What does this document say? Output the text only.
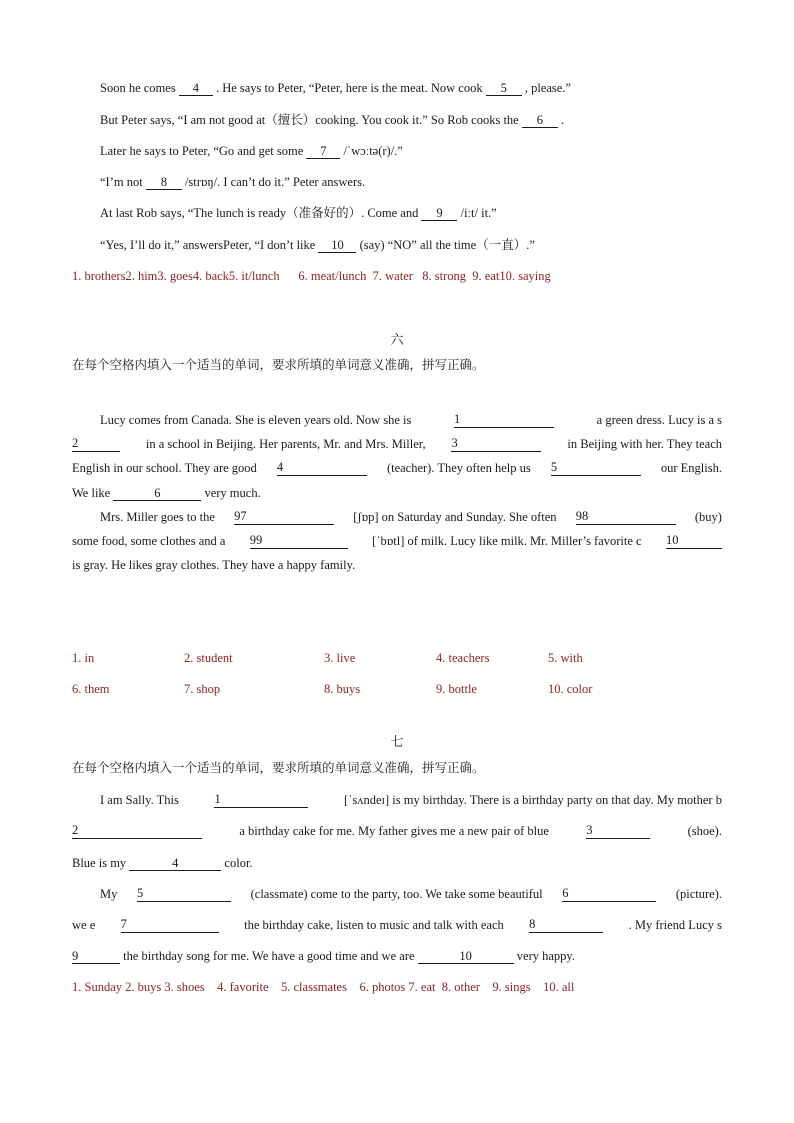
Soon he comes 4 . He says to Peter, “Peter, here is the meat. Now cook 5 , please.”
But Peter says, “I am not good at（擅长）cooking. You cook it.” So Rob cooks the 6 .
Later he says to Peter, “Go and get some 7 /ˈwɔːtə(r)/.”
“I’m not 8 /strɒŋ/. I can’t do it.” Peter answers.
At last Rob says, “The lunch is ready（准备好的）. Come and 9 /iːt/ it.”
“Yes, I’ll do it,” answersPeter, “I don’t like 10 (say) “NO” all the time（一直）.”
1. brothers2. him3. goes4. back5. it/lunch      6. meat/lunch  7. water   8. strong  9. eat10. saying
六
在每个空格内填入一个适当的单词，要求所填的单词意义准确，拼写正确。
Lucy comes from Canada. She is eleven years old. Now she is	1	a green dress. Lucy is a s
2	in a school in Beijing. Her parents, Mr. and Mrs. Miller, 3	in Beijing with her. They teach
English in our school. They are good 4	(teacher). They often help us 5	our English.
We like	6	very much.
Mrs. Miller goes to the 97	[ʃɒp] on Saturday and Sunday. She often 98	(buy)
some food, some clothes and a 99	[ˈbɒtl] of milk. Lucy like milk. Mr. Miller’s favorite c 10
is gray. He likes gray clothes. They have a happy family.
1. in	2. student	3. live	4. teachers	5. with
6. them	7. shop	8. buys	9. bottle	10. color
七
在每个空格内填入一个适当的单词，要求所填的单词意义准确，拼写正确。
I am Sally. This	1	[ˈsʌndeɪ] is my birthday. There is a birthday party on that day. My mother b
2	a birthday cake for me. My father gives me a new pair of blue	3	(shoe).
Blue is my	4	color.
My 5	(classmate) come to the party, too. We take some beautiful 6	(picture).
we e 7	the birthday cake, listen to music and talk with each 8	. My friend Lucy s
9	the birthday song for me. We have a good time and we are	10	very happy.
1. Sunday 2. buys 3. shoes    4. favorite    5. classmates    6. photos 7. eat  8. other    9. sings    10. all
